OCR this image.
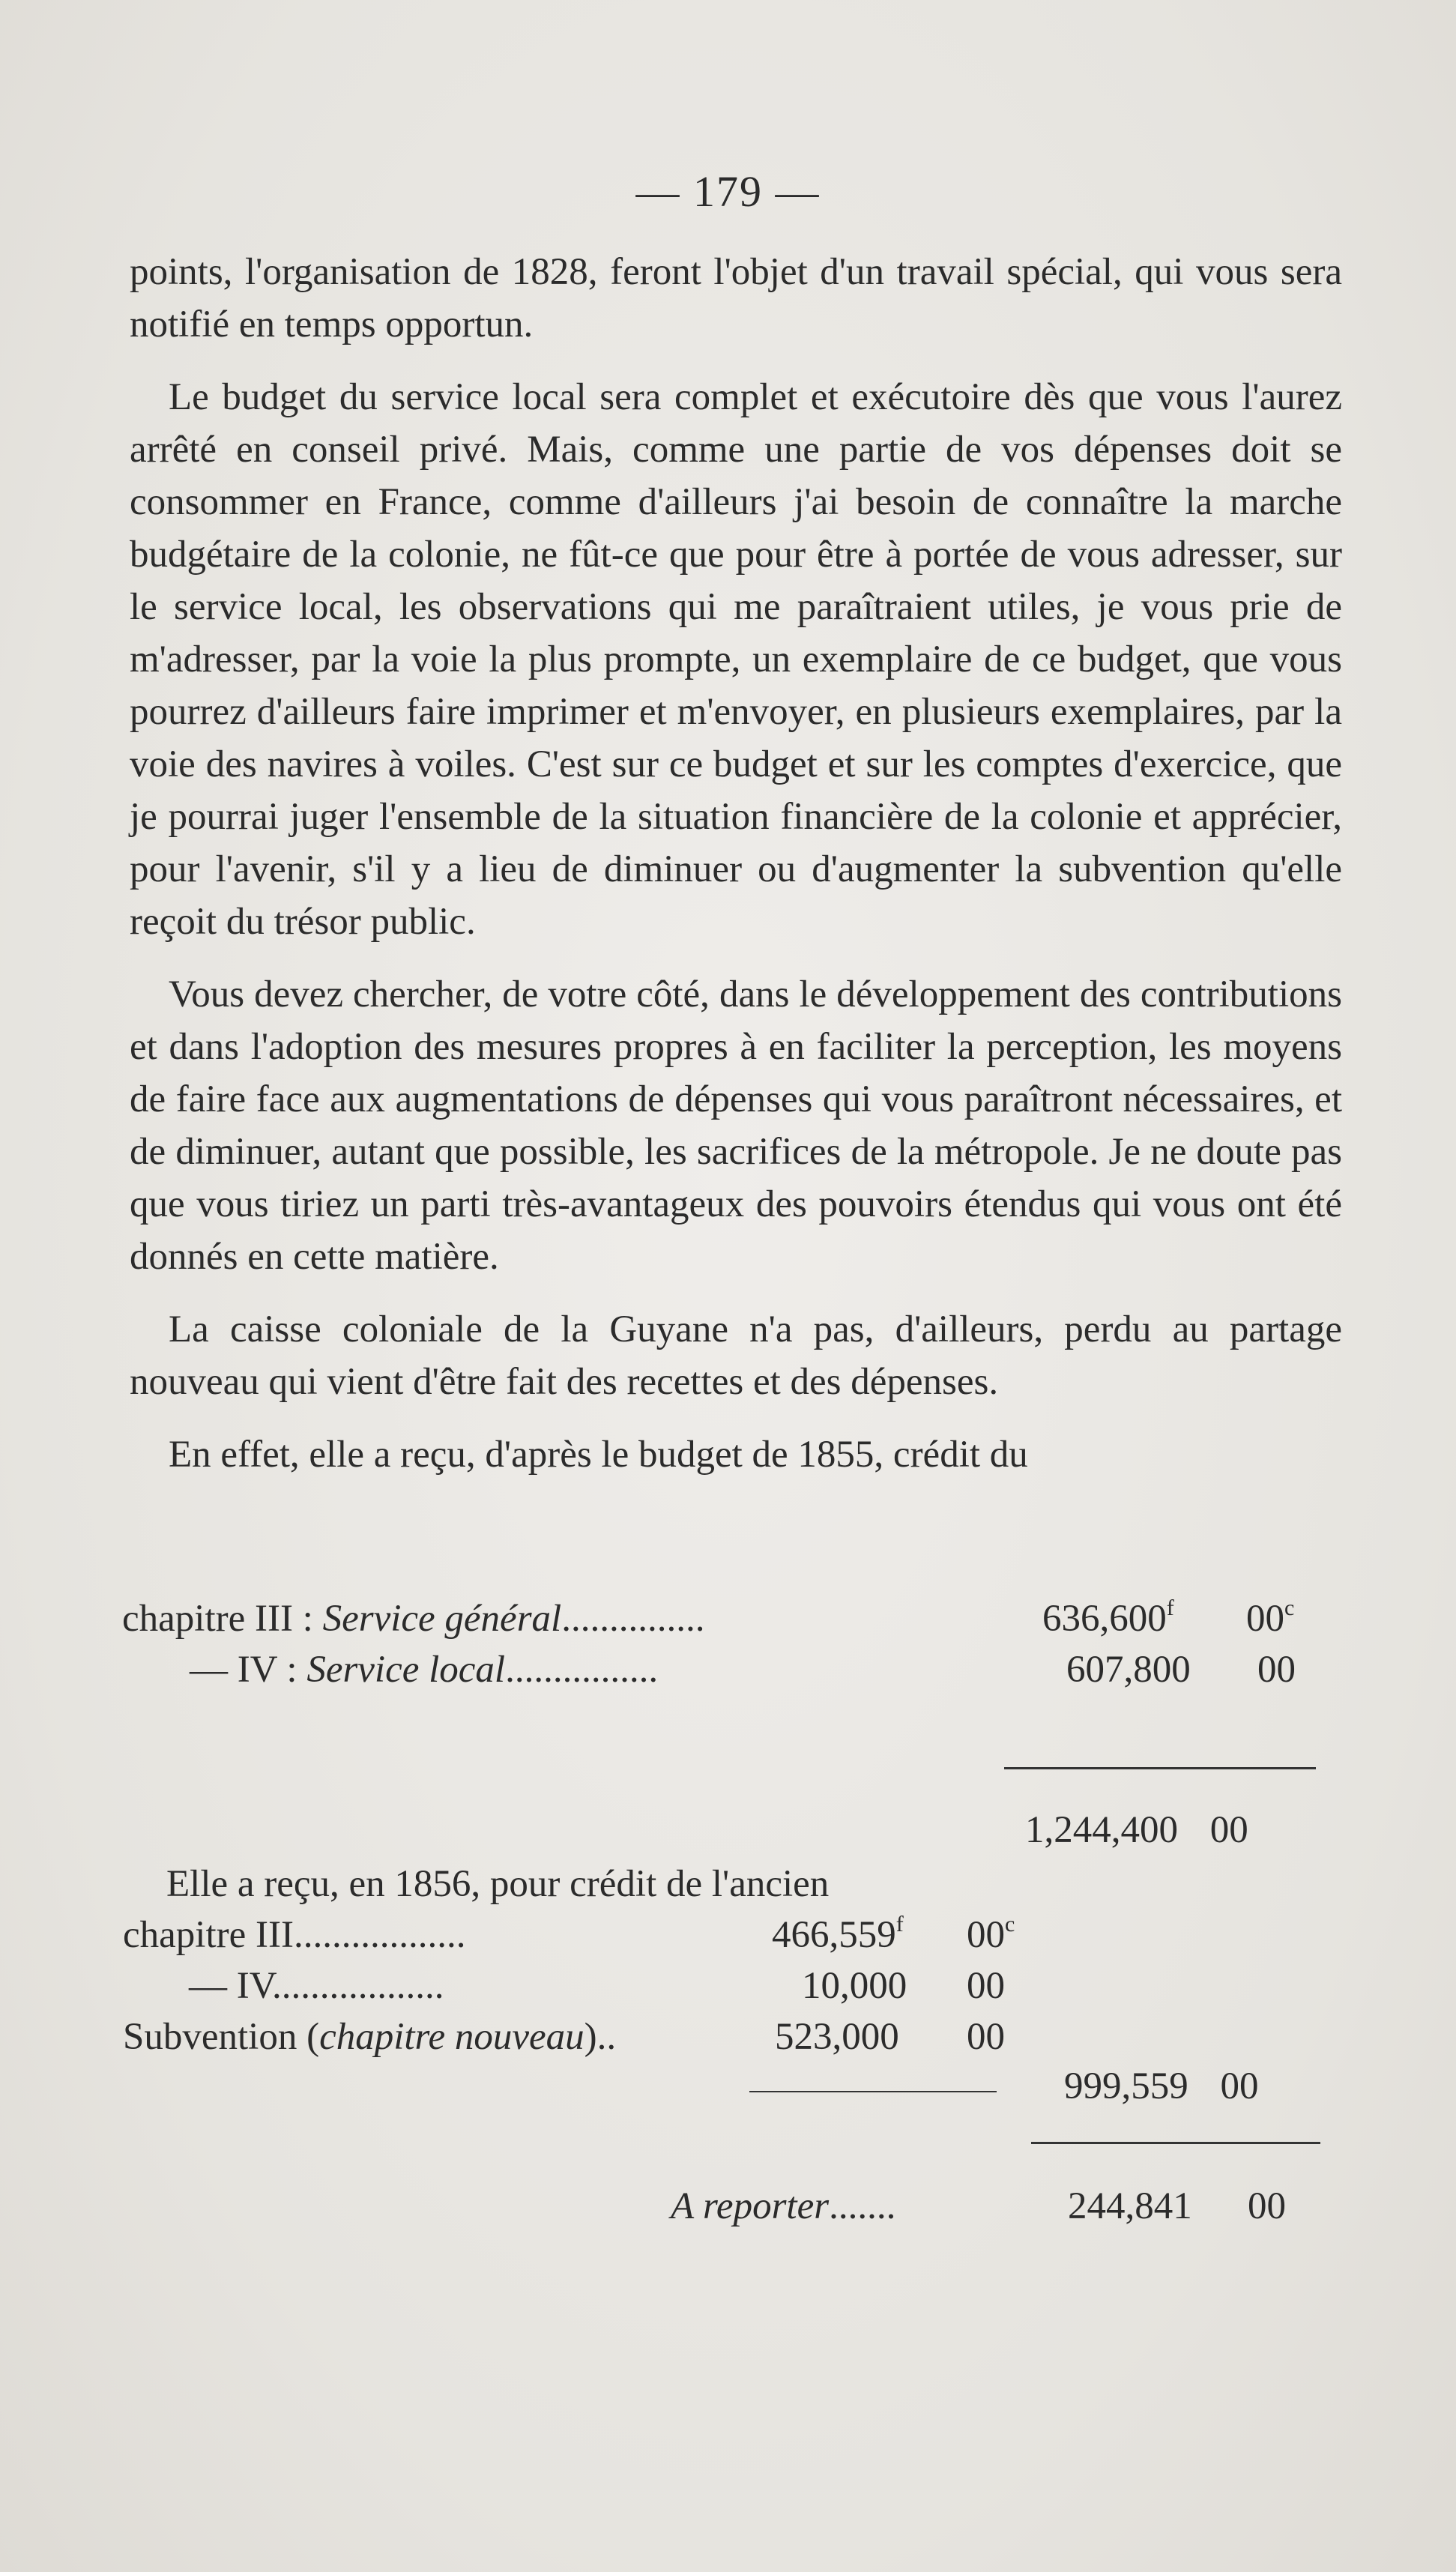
— 179 —

points, l'organisation de 1828, feront l'objet d'un travail spécial, qui vous sera notifié en temps opportun.

Le budget du service local sera complet et exécutoire dès que vous l'aurez arrêté en conseil privé. Mais, comme une partie de vos dépenses doit se consommer en France, comme d'ailleurs j'ai besoin de connaître la marche budgétaire de la colonie, ne fût-ce que pour être à portée de vous adresser, sur le service local, les observations qui me paraîtraient utiles, je vous prie de m'adresser, par la voie la plus prompte, un exemplaire de ce budget, que vous pourrez d'ailleurs faire imprimer et m'envoyer, en plusieurs exemplaires, par la voie des navires à voiles. C'est sur ce budget et sur les comptes d'exercice, que je pourrai juger l'ensemble de la situation financière de la colonie et apprécier, pour l'avenir, s'il y a lieu de diminuer ou d'augmenter la subvention qu'elle reçoit du trésor public.

Vous devez chercher, de votre côté, dans le développement des contributions et dans l'adoption des mesures propres à en faciliter la perception, les moyens de faire face aux augmentations de dépenses qui vous paraîtront nécessaires, et de diminuer, autant que possible, les sacrifices de la métropole. Je ne doute pas que vous tiriez un parti très-avantageux des pouvoirs étendus qui vous ont été donnés en cette matière.

La caisse coloniale de la Guyane n'a pas, d'ailleurs, perdu au partage nouveau qui vient d'être fait des recettes et des dépenses.

En effet, elle a reçu, d'après le budget de 1855, crédit du

chapitre III : Service général...............	636,600$^f$ 00$^c$
— IV : Service local................	607,800 00
1,244,400 00
Elle a reçu, en 1856, pour crédit de l'ancien
chapitre III..................	466,559$^f$ 00$^c$
— IV..................	10,000 00
Subvention (chapitre nouveau)..	523,000 00
999,559 00
A reporter.......	244,841 00
